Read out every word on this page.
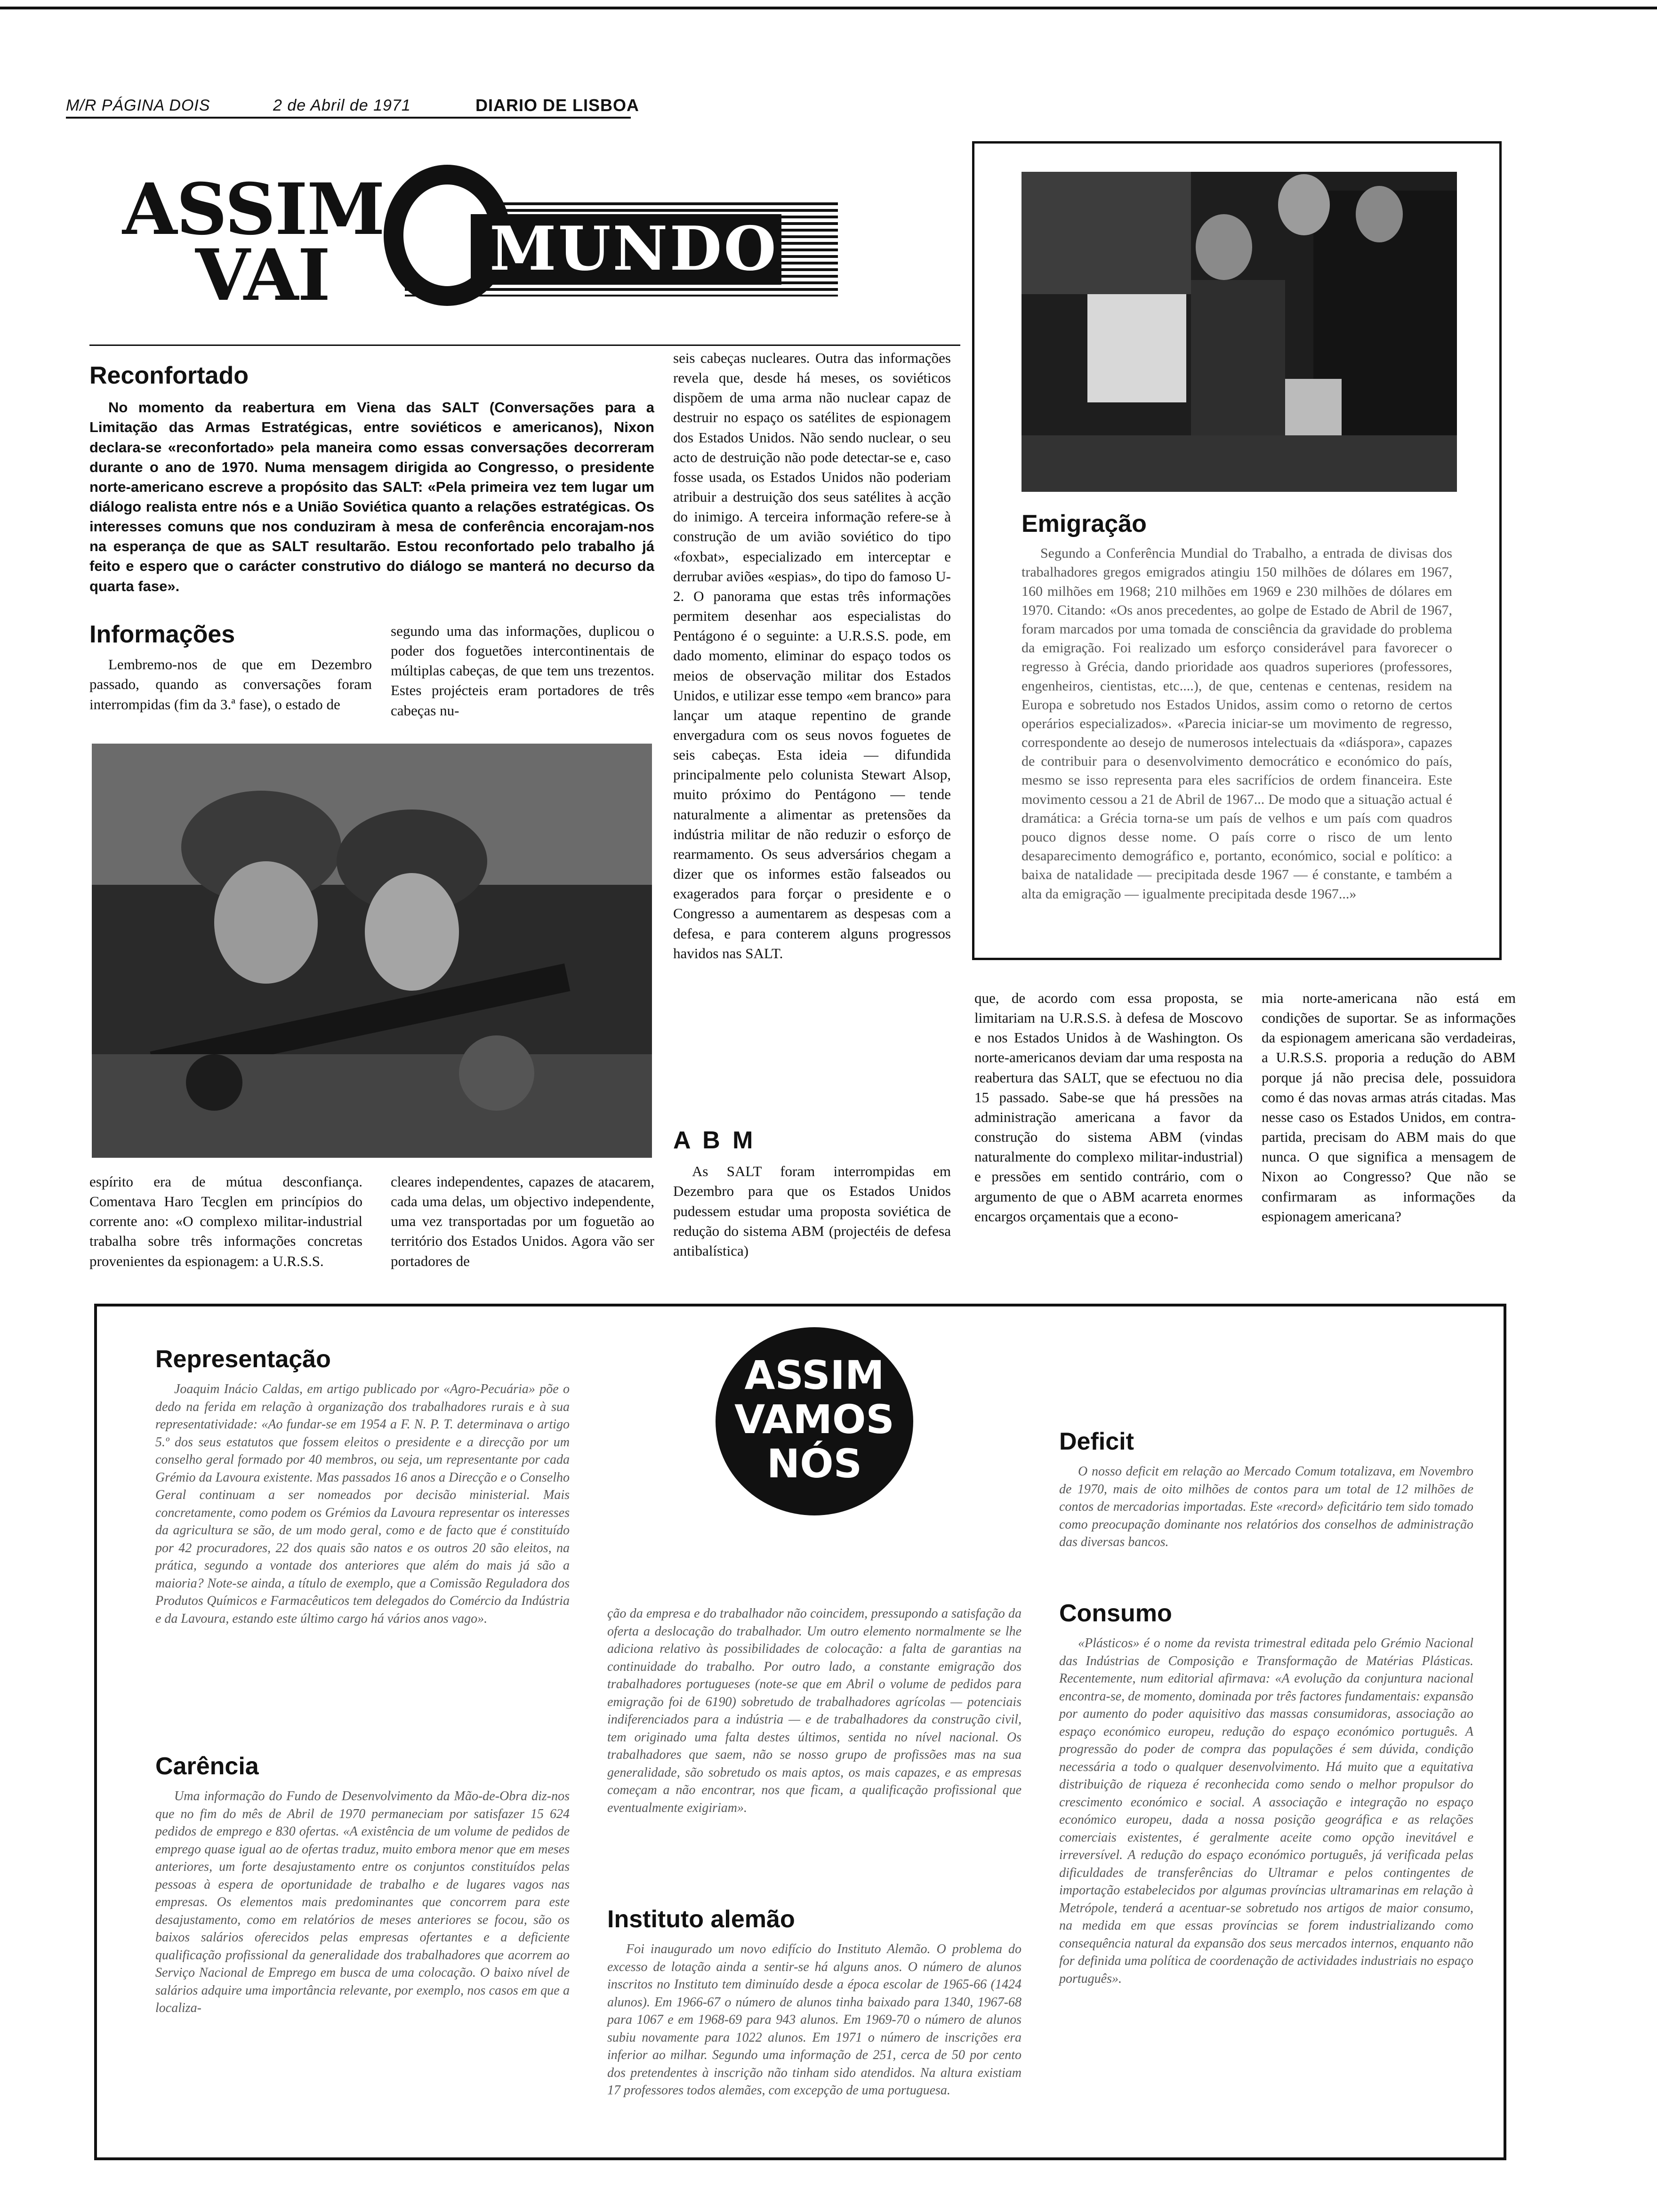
M/R PÁGINA DOIS	2 de Abril de 1971	DIARIO DE LISBOA
ASSIM
VAI	MUNDO
Reconfortado

No momento da reabertura em Viena das SALT (Conversações para a Limitação das Armas Estratégicas, entre soviéticos e americanos), Nixon declara-se «reconfortado» pela maneira como essas conversações decorreram durante o ano de 1970. Numa mensagem dirigida ao Congresso, o presidente norte-americano escreve a propósito das SALT: «Pela primeira vez tem lugar um diálogo realista entre nós e a União Soviética quanto a relações estratégicas. Os interesses comuns que nos conduziram à mesa de conferência encorajam-nos na esperança de que as SALT resultarão. Estou reconfortado pelo trabalho já feito e espero que o carácter construtivo do diálogo se manterá no decurso da quarta fase».

Informações

Lembremo-nos de que em Dezembro passado, quando as conversações foram interrompidas (fim da 3.ª fase), o estado de

segundo uma das informações, duplicou o poder dos foguetões intercontinentais de múltiplas cabeças, de que tem uns trezentos. Estes projécteis eram portadores de três cabeças nu-

espírito era de mútua desconfiança. Comentava Haro Tecglen em princípios do corrente ano: «O complexo militar-industrial trabalha sobre três informações concretas provenientes da espionagem: a U.R.S.S.

cleares independentes, capazes de atacarem, cada uma delas, um objectivo independente, uma vez transportadas por um foguetão ao território dos Estados Unidos. Agora vão ser portadores de

seis cabeças nucleares. Outra das informações revela que, desde há meses, os soviéticos dispõem de uma arma não nuclear capaz de destruir no espaço os satélites de espionagem dos Estados Unidos. Não sendo nuclear, o seu acto de destruição não pode detectar-se e, caso fosse usada, os Estados Unidos não poderiam atribuir a destruição dos seus satélites à acção do inimigo. A terceira informação refere-se à construção de um avião soviético do tipo «foxbat», especializado em interceptar e derrubar aviões «espias», do tipo do famoso U-2. O panorama que estas três informações permitem desenhar aos especialistas do Pentágono é o seguinte: a U.R.S.S. pode, em dado momento, eliminar do espaço todos os meios de observação militar dos Estados Unidos, e utilizar esse tempo «em branco» para lançar um ataque repentino de grande envergadura com os seus novos foguetes de seis cabeças. Esta ideia — difundida principalmente pelo colunista Stewart Alsop, muito próximo do Pentágono — tende naturalmente a alimentar as pretensões da indústria militar de não reduzir o esforço de rearmamento. Os seus adversários chegam a dizer que os informes estão falseados ou exagerados para forçar o presidente e o Congresso a aumentarem as despesas com a defesa, e para conterem alguns progressos havidos nas SALT.

Emigração

Segundo a Conferência Mundial do Trabalho, a entrada de divisas dos trabalhadores gregos emigrados atingiu 150 milhões de dólares em 1967, 160 milhões em 1968; 210 milhões em 1969 e 230 milhões de dólares em 1970. Citando: «Os anos precedentes, ao golpe de Estado de Abril de 1967, foram marcados por uma tomada de consciência da gravidade do problema da emigração. Foi realizado um esforço considerável para favorecer o regresso à Grécia, dando prioridade aos quadros superiores (professores, engenheiros, cientistas, etc....), de que, centenas e centenas, residem na Europa e sobretudo nos Estados Unidos, assim como o retorno de certos operários especializados». «Parecia iniciar-se um movimento de regresso, correspondente ao desejo de numerosos intelectuais da «diáspora», capazes de contribuir para o desenvolvimento democrático e económico do país, mesmo se isso representa para eles sacrifícios de ordem financeira. Este movimento cessou a 21 de Abril de 1967... De modo que a situação actual é dramática: a Grécia torna-se um país de velhos e um país com quadros pouco dignos desse nome. O país corre o risco de um lento desaparecimento demográfico e, portanto, económico, social e político: a baixa de natalidade — precipitada desde 1967 — é constante, e também a alta da emigração — igualmente precipitada desde 1967...»

A B M

As SALT foram interrompidas em Dezembro para que os Estados Unidos pudessem estudar uma proposta soviética de redução do sistema ABM (projectéis de defesa antibalística)

que, de acordo com essa proposta, se limitariam na U.R.S.S. à defesa de Moscovo e nos Estados Unidos à de Washington. Os norte-americanos deviam dar uma resposta na reabertura das SALT, que se efectuou no dia 15 passado. Sabe-se que há pressões na administração americana a favor da construção do sistema ABM (vindas naturalmente do complexo militar-industrial) e pressões em sentido contrário, com o argumento de que o ABM acarreta enormes encargos orçamentais que a econo-

mia norte-americana não está em condições de suportar. Se as informações da espionagem americana são verdadeiras, a U.R.S.S. proporia a redução do ABM porque já não precisa dele, possuidora como é das novas armas atrás citadas. Mas nesse caso os Estados Unidos, em contra-partida, precisam do ABM mais do que nunca. O que significa a mensagem de Nixon ao Congresso? Que não se confirmaram as informações da espionagem americana?

ASSIM
VAMOS
NÓS
Representação

Joaquim Inácio Caldas, em artigo publicado por «Agro-Pecuária» põe o dedo na ferida em relação à organização dos trabalhadores rurais e à sua representatividade: «Ao fundar-se em 1954 a F. N. P. T. determinava o artigo 5.º dos seus estatutos que fossem eleitos o presidente e a direcção por um conselho geral formado por 40 membros, ou seja, um representante por cada Grémio da Lavoura existente. Mas passados 16 anos a Direcção e o Conselho Geral continuam a ser nomeados por decisão ministerial. Mais concretamente, como podem os Grémios da Lavoura representar os interesses da agricultura se são, de um modo geral, como e de facto que é constituído por 42 procuradores, 22 dos quais são natos e os outros 20 são eleitos, na prática, segundo a vontade dos anteriores que além do mais já são a maioria? Note-se ainda, a título de exemplo, que a Comissão Reguladora dos Produtos Químicos e Farmacêuticos tem delegados do Comércio da Indústria e da Lavoura, estando este último cargo há vários anos vago».

Carência

Uma informação do Fundo de Desenvolvimento da Mão-de-Obra diz-nos que no fim do mês de Abril de 1970 permaneciam por satisfazer 15 624 pedidos de emprego e 830 ofertas. «A existência de um volume de pedidos de emprego quase igual ao de ofertas traduz, muito embora menor que em meses anteriores, um forte desajustamento entre os conjuntos constituídos pelas pessoas à espera de oportunidade de trabalho e de lugares vagos nas empresas. Os elementos mais predominantes que concorrem para este desajustamento, como em relatórios de meses anteriores se focou, são os baixos salários oferecidos pelas empresas ofertantes e a deficiente qualificação profissional da generalidade dos trabalhadores que acorrem ao Serviço Nacional de Emprego em busca de uma colocação. O baixo nível de salários adquire uma importância relevante, por exemplo, nos casos em que a localiza-

ção da empresa e do trabalhador não coincidem, pressupondo a satisfação da oferta a deslocação do trabalhador. Um outro elemento normalmente se lhe adiciona relativo às possibilidades de colocação: a falta de garantias na continuidade do trabalho. Por outro lado, a constante emigração dos trabalhadores portugueses (note-se que em Abril o volume de pedidos para emigração foi de 6190) sobretudo de trabalhadores agrícolas — potenciais indiferenciados para a indústria — e de trabalhadores da construção civil, tem originado uma falta destes últimos, sentida no nível nacional. Os trabalhadores que saem, não se nosso grupo de profissões mas na sua generalidade, são sobretudo os mais aptos, os mais capazes, e as empresas começam a não encontrar, nos que ficam, a qualificação profissional que eventualmente exigiriam».

Instituto alemão

Foi inaugurado um novo edifício do Instituto Alemão. O problema do excesso de lotação ainda a sentir-se há alguns anos. O número de alunos inscritos no Instituto tem diminuído desde a época escolar de 1965-66 (1424 alunos). Em 1966-67 o número de alunos tinha baixado para 1340, 1967-68 para 1067 e em 1968-69 para 943 alunos. Em 1969-70 o número de alunos subiu novamente para 1022 alunos. Em 1971 o número de inscrições era inferior ao milhar. Segundo uma informação de 251, cerca de 50 por cento dos pretendentes à inscrição não tinham sido atendidos. Na altura existiam 17 professores todos alemães, com excepção de uma portuguesa.

Deficit

O nosso deficit em relação ao Mercado Comum totalizava, em Novembro de 1970, mais de oito milhões de contos para um total de 12 milhões de contos de mercadorias importadas. Este «record» deficitário tem sido tomado como preocupação dominante nos relatórios dos conselhos de administração das diversas bancos.

Consumo

«Plásticos» é o nome da revista trimestral editada pelo Grémio Nacional das Indústrias de Composição e Transformação de Matérias Plásticas. Recentemente, num editorial afirmava: «A evolução da conjuntura nacional encontra-se, de momento, dominada por três factores fundamentais: expansão por aumento do poder aquisitivo das massas consumidoras, associação ao espaço económico europeu, redução do espaço económico português. A progressão do poder de compra das populações é sem dúvida, condição necessária a todo o qualquer desenvolvimento. Há muito que a equitativa distribuição de riqueza é reconhecida como sendo o melhor propulsor do crescimento económico e social. A associação e integração no espaço económico europeu, dada a nossa posição geográfica e as relações comerciais existentes, é geralmente aceite como opção inevitável e irreversível. A redução do espaço económico português, já verificada pelas dificuldades de transferências do Ultramar e pelos contingentes de importação estabelecidos por algumas províncias ultramarinas em relação à Metrópole, tenderá a acentuar-se sobretudo nos artigos de maior consumo, na medida em que essas províncias se forem industrializando como consequência natural da expansão dos seus mercados internos, enquanto não for definida uma política de coordenação de actividades industriais no espaço português».
